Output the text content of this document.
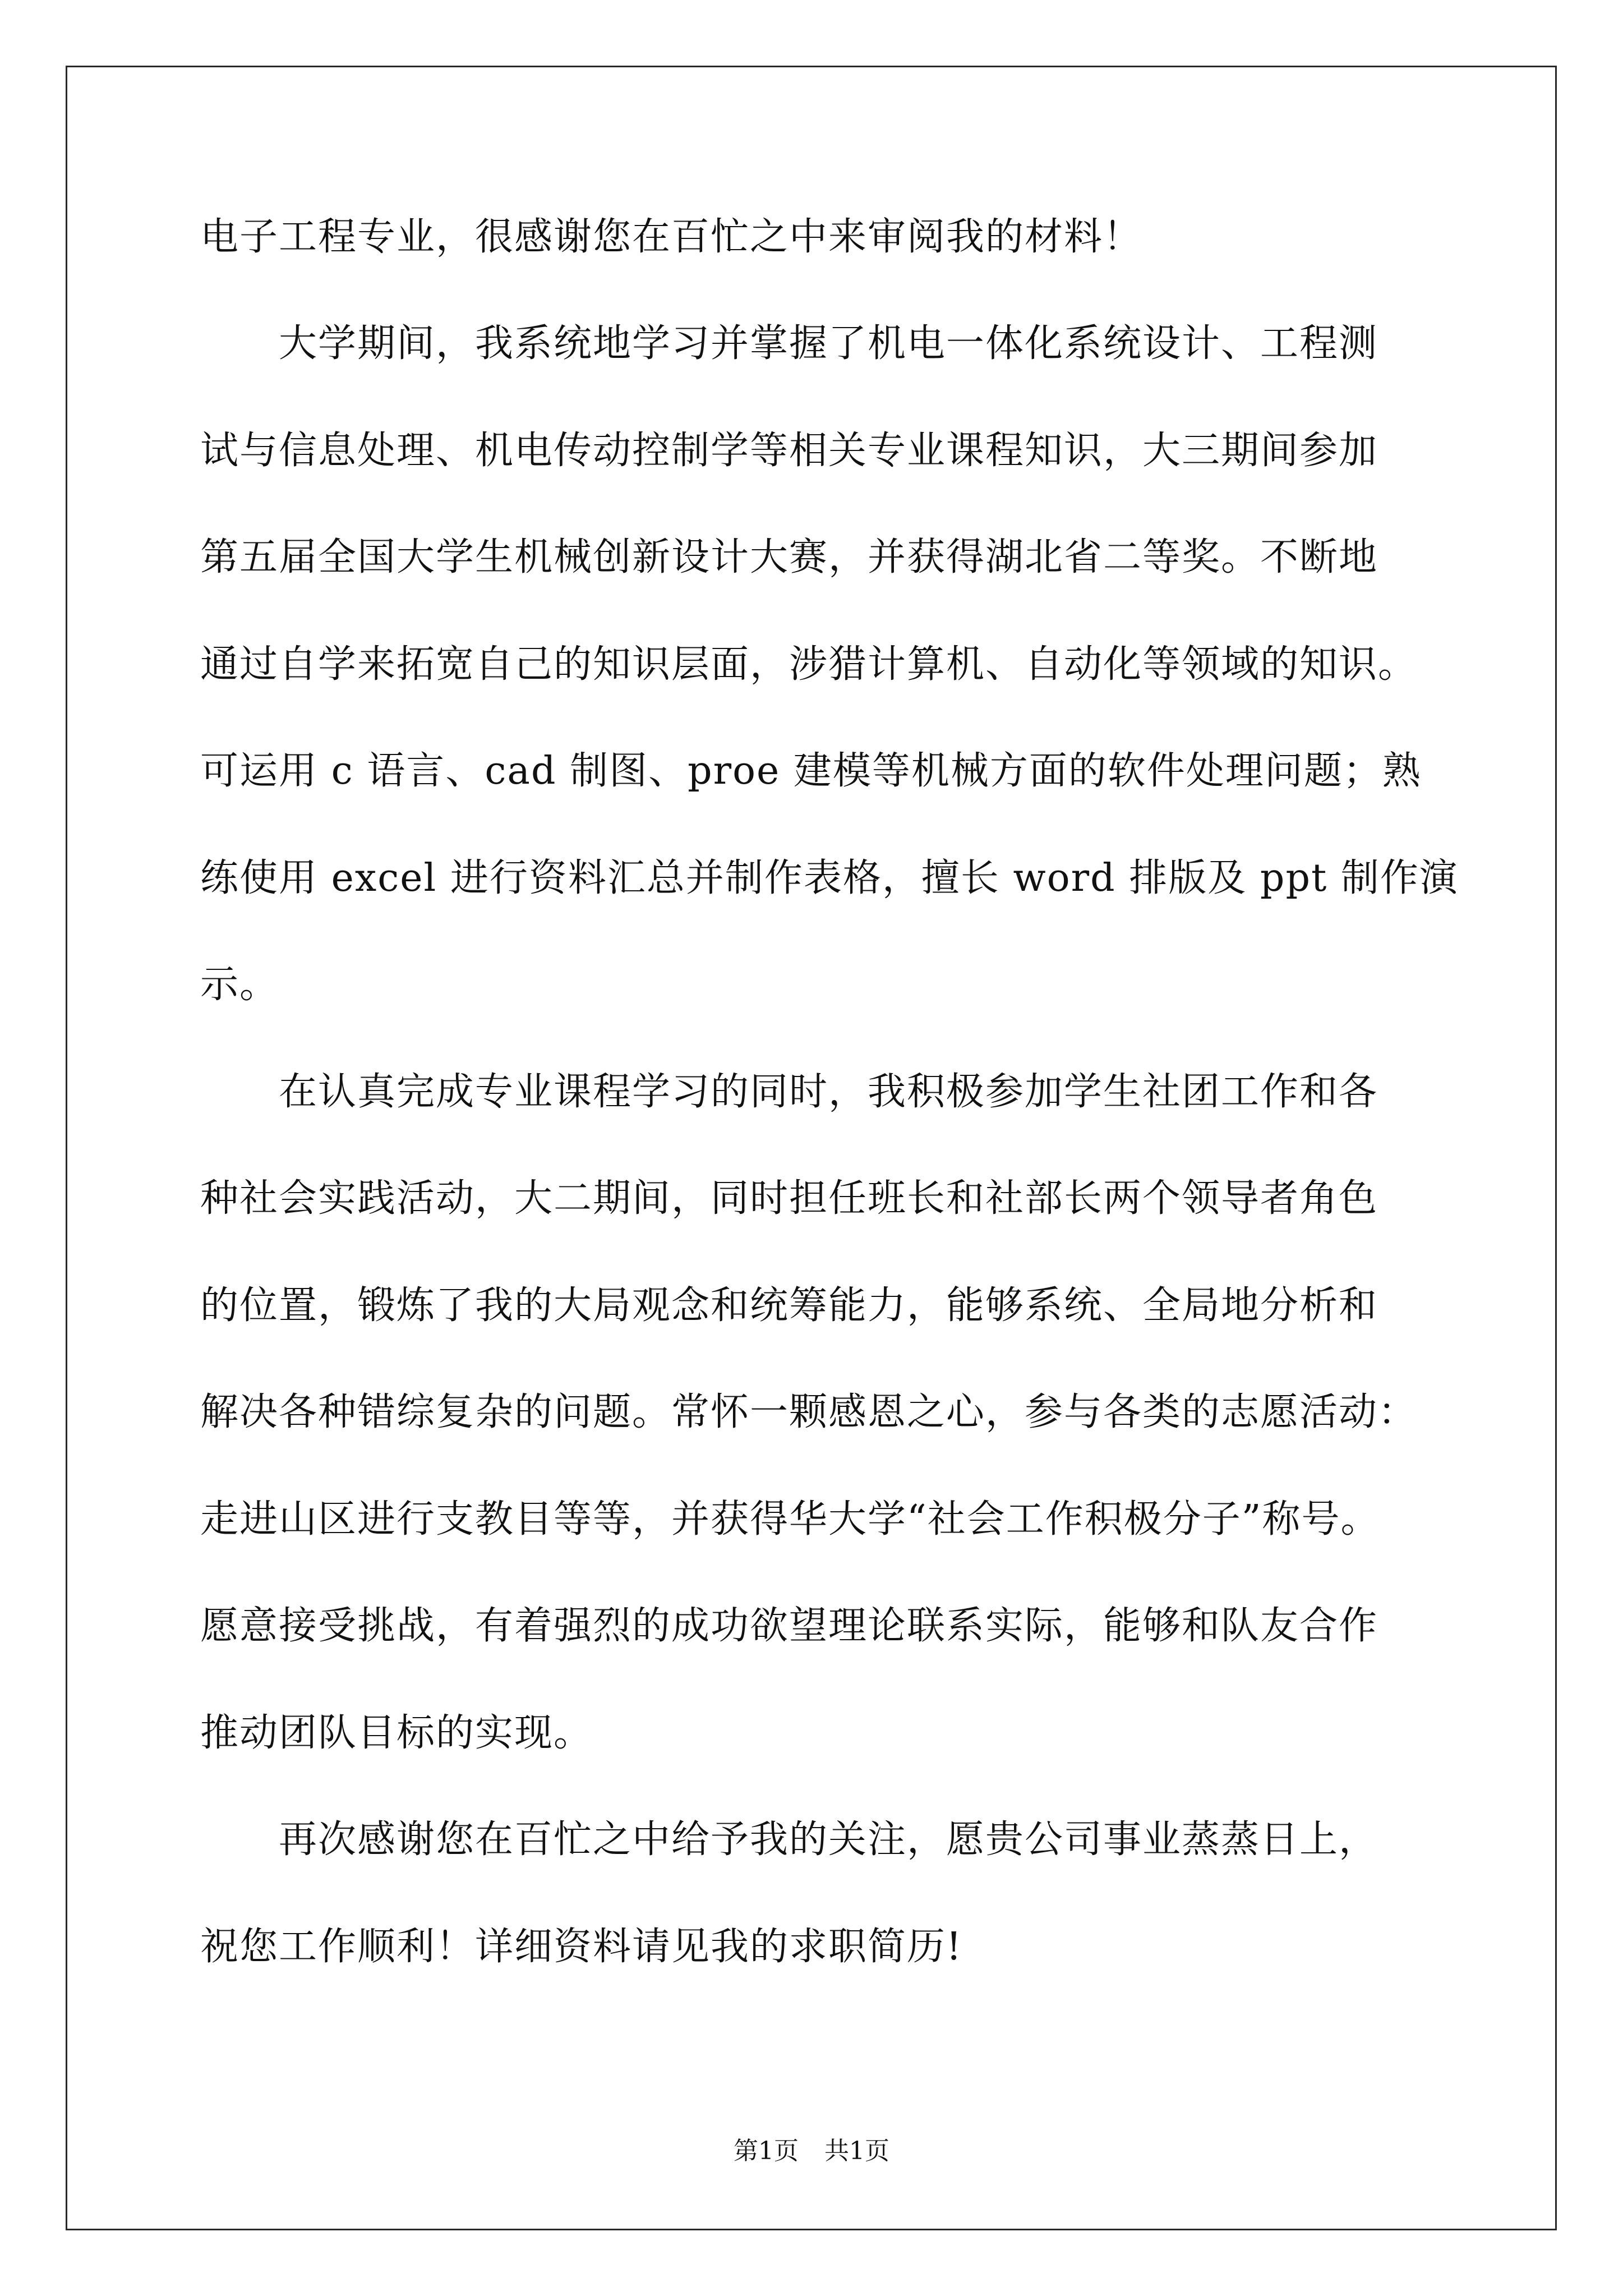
电子工程专业，很感谢您在百忙之中来审阅我的材料！
　　大学期间，我系统地学习并掌握了机电一体化系统设计、工程测
试与信息处理、机电传动控制学等相关专业课程知识，大三期间参加
第五届全国大学生机械创新设计大赛，并获得湖北省二等奖。不断地
通过自学来拓宽自己的知识层面，涉猎计算机、自动化等领域的知识。
可运用 c 语言、cad 制图、proe 建模等机械方面的软件处理问题；熟
练使用 excel 进行资料汇总并制作表格，擅长 word 排版及 ppt 制作演
示。
　　在认真完成专业课程学习的同时，我积极参加学生社团工作和各
种社会实践活动，大二期间，同时担任班长和社部长两个领导者角色
的位置，锻炼了我的大局观念和统筹能力，能够系统、全局地分析和
解决各种错综复杂的问题。常怀一颗感恩之心，参与各类的志愿活动：
走进山区进行支教目等等，并获得华大学“社会工作积极分子”称号。
愿意接受挑战，有着强烈的成功欲望理论联系实际，能够和队友合作
推动团队目标的实现。
　　再次感谢您在百忙之中给予我的关注，愿贵公司事业蒸蒸日上，
祝您工作顺利！详细资料请见我的求职简历!
第1页 共1页
